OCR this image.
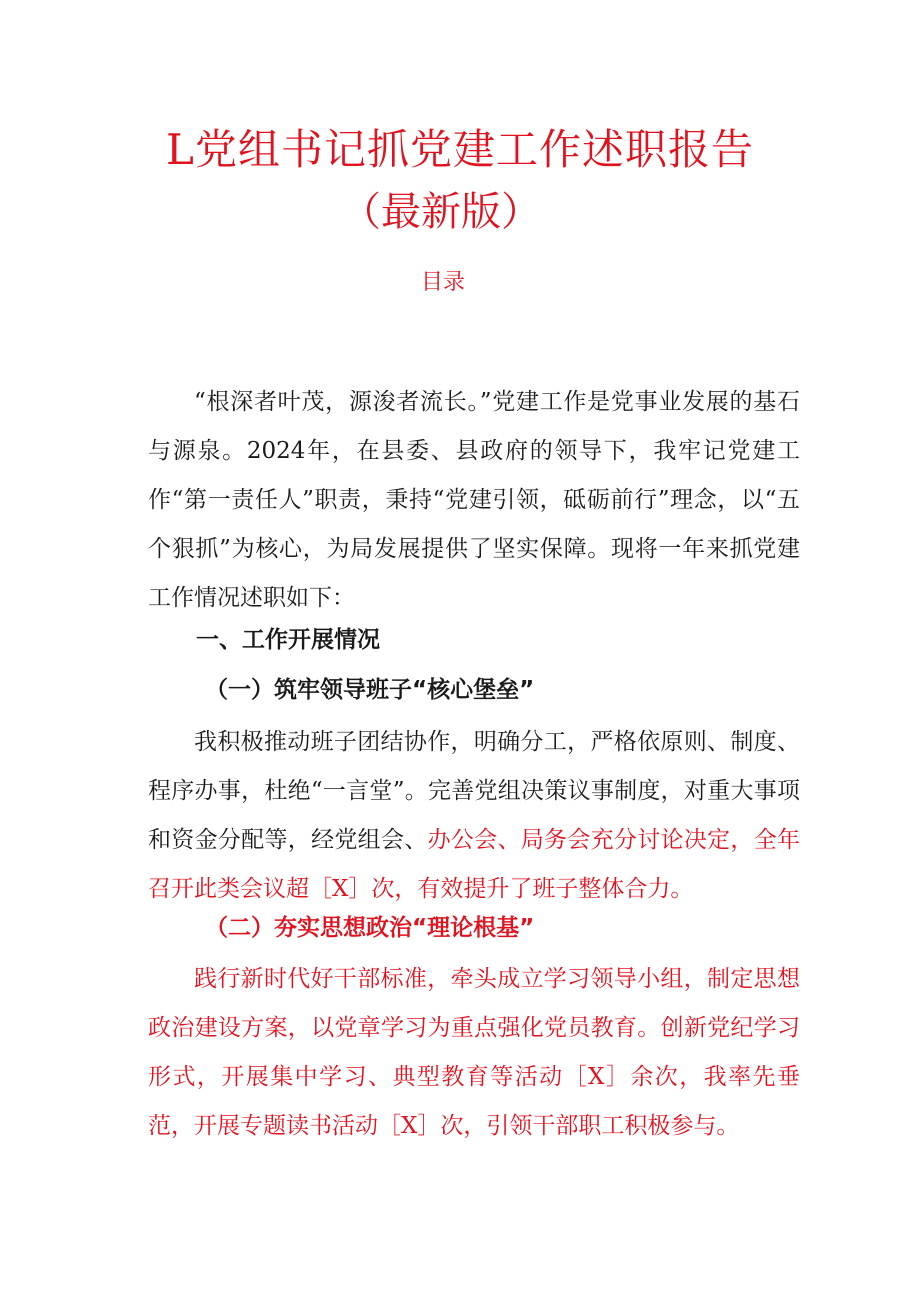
L党组书记抓党建工作述职报告
（最新版）
目录

“根深者叶茂，源浚者流长。”党建工作是党事业发展的基石与源泉。2024年，在县委、县政府的领导下，我牢记党建工作“第一责任人”职责，秉持“党建引领，砥砺前行”理念，以“五个狠抓”为核心，为局发展提供了坚实保障。现将一年来抓党建工作情况述职如下：

一、工作开展情况
（一）筑牢领导班子“核心堡垒”

我积极推动班子团结协作，明确分工，严格依原则、制度、程序办事，杜绝“一言堂”。完善党组决策议事制度，对重大事项和资金分配等，经党组会、办公会、局务会充分讨论决定，全年召开此类会议超［X］次，有效提升了班子整体合力。

（二）夯实思想政治“理论根基”

践行新时代好干部标准，牵头成立学习领导小组，制定思想政治建设方案，以党章学习为重点强化党员教育。创新党纪学习形式，开展集中学习、典型教育等活动［X］余次，我率先垂范，开展专题读书活动［X］次，引领干部职工积极参与。
